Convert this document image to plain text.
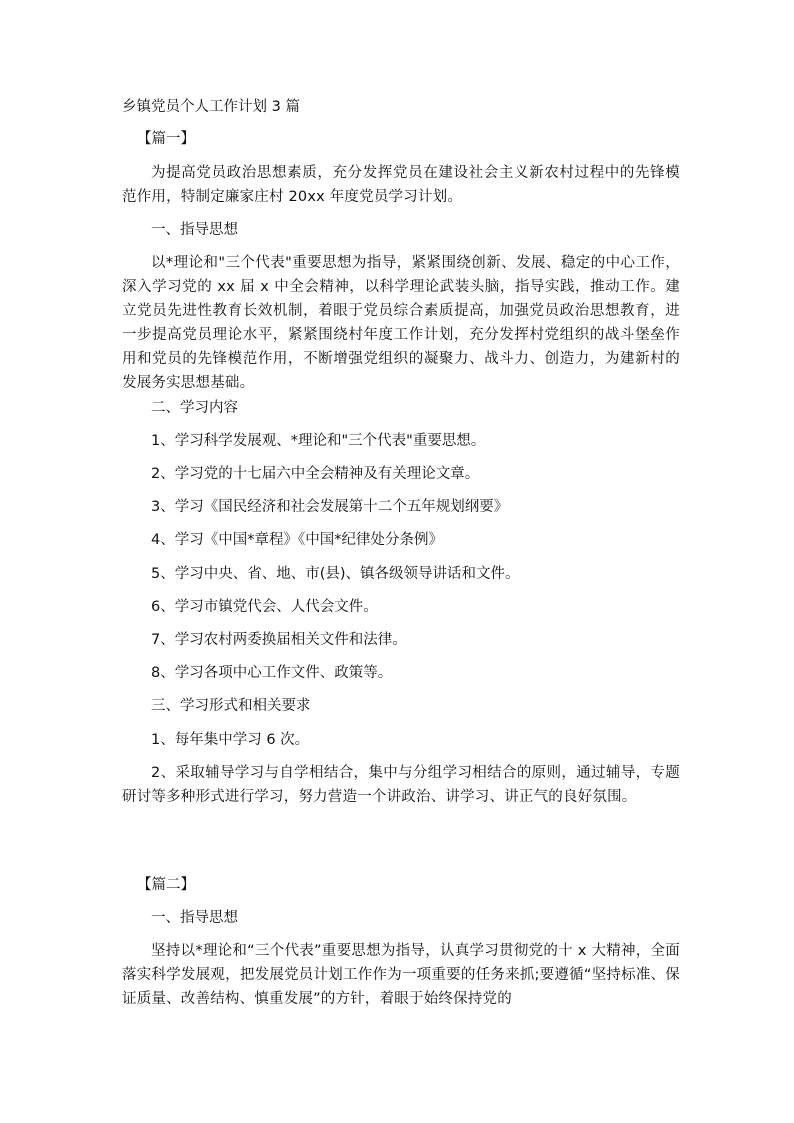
乡镇党员个人工作计划 3 篇
【篇一】
为提高党员政治思想素质，充分发挥党员在建设社会主义新农村过程中的先锋模范作用，特制定廉家庄村 20xx 年度党员学习计划。
一、指导思想
以*理论和"三个代表"重要思想为指导，紧紧围绕创新、发展、稳定的中心工作，深入学习党的 xx 届 x 中全会精神，以科学理论武装头脑，指导实践，推动工作。建立党员先进性教育长效机制，着眼于党员综合素质提高，加强党员政治思想教育，进一步提高党员理论水平，紧紧围绕村年度工作计划，充分发挥村党组织的战斗堡垒作用和党员的先锋模范作用，不断增强党组织的凝聚力、战斗力、创造力，为建新村的发展务实思想基础。
二、学习内容
1、学习科学发展观、*理论和"三个代表"重要思想。
2、学习党的十七届六中全会精神及有关理论文章。
3、学习《国民经济和社会发展第十二个五年规划纲要》
4、学习《中国*章程》《中国*纪律处分条例》
5、学习中央、省、地、市(县)、镇各级领导讲话和文件。
6、学习市镇党代会、人代会文件。
7、学习农村两委换届相关文件和法律。
8、学习各项中心工作文件、政策等。
三、学习形式和相关要求
1、每年集中学习 6 次。
2、采取辅导学习与自学相结合，集中与分组学习相结合的原则，通过辅导，专题研讨等多种形式进行学习，努力营造一个讲政治、讲学习、讲正气的良好氛围。
【篇二】
一、指导思想
坚持以*理论和“三个代表”重要思想为指导，认真学习贯彻党的十 x 大精神，全面落实科学发展观，把发展党员计划工作作为一项重要的任务来抓;要遵循“坚持标准、保证质量、改善结构、慎重发展”的方针，着眼于始终保持党的
